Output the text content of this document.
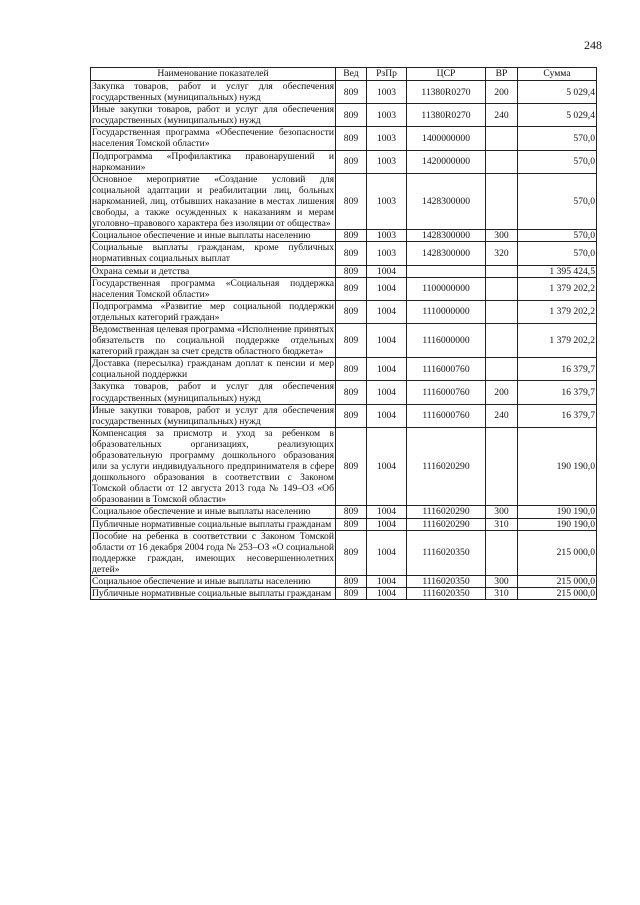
248
Наименование показателей	Вед	РзПр	ЦСР	ВР	Сумма
Закупка товаров, работ и услуг для обеспечения государственных (муниципальных) нужд	809	1003	11380R0270	200	5 029,4
Иные закупки товаров, работ и услуг для обеспечения государственных (муниципальных) нужд	809	1003	11380R0270	240	5 029,4
Государственная программа «Обеспечение безопасности населения Томской области»	809	1003	1400000000		570,0
Подпрограмма «Профилактика правонарушений и наркомании»	809	1003	1420000000		570,0
Основное мероприятие «Создание условий для социальной адаптации и реабилитации лиц, больных наркоманией, лиц, отбывших наказание в местах лишения свободы, а также осужденных к наказаниям и мерам уголовно–правового характера без изоляции от общества»	809	1003	1428300000		570,0
Социальное обеспечение и иные выплаты населению	809	1003	1428300000	300	570,0
Социальные выплаты гражданам, кроме публичных нормативных социальных выплат	809	1003	1428300000	320	570,0
Охрана семьи и детства	809	1004			1 395 424,5
Государственная программа «Социальная поддержка населения Томской области»	809	1004	1100000000		1 379 202,2
Подпрограмма «Развитие мер социальной поддержки отдельных категорий граждан»	809	1004	1110000000		1 379 202,2
Ведомственная целевая программа «Исполнение принятых обязательств по социальной поддержке отдельных категорий граждан за счет средств областного бюджета»	809	1004	1116000000		1 379 202,2
Доставка (пересылка) гражданам доплат к пенсии и мер социальной поддержки	809	1004	1116000760		16 379,7
Закупка товаров, работ и услуг для обеспечения государственных (муниципальных) нужд	809	1004	1116000760	200	16 379,7
Иные закупки товаров, работ и услуг для обеспечения государственных (муниципальных) нужд	809	1004	1116000760	240	16 379,7
Компенсация за присмотр и уход за ребенком в образовательных организациях, реализующих образовательную программу дошкольного образования или за услуги индивидуального предпринимателя в сфере дошкольного образования в соответствии с Законом Томской области от 12 августа 2013 года № 149–ОЗ «Об образовании в Томской области»	809	1004	1116020290		190 190,0
Социальное обеспечение и иные выплаты населению	809	1004	1116020290	300	190 190,0
Публичные нормативные социальные выплаты гражданам	809	1004	1116020290	310	190 190,0
Пособие на ребенка в соответствии с Законом Томской области от 16 декабря 2004 года № 253–ОЗ «О социальной поддержке граждан, имеющих несовершеннолетних детей»	809	1004	1116020350		215 000,0
Социальное обеспечение и иные выплаты населению	809	1004	1116020350	300	215 000,0
Публичные нормативные социальные выплаты гражданам	809	1004	1116020350	310	215 000,0
